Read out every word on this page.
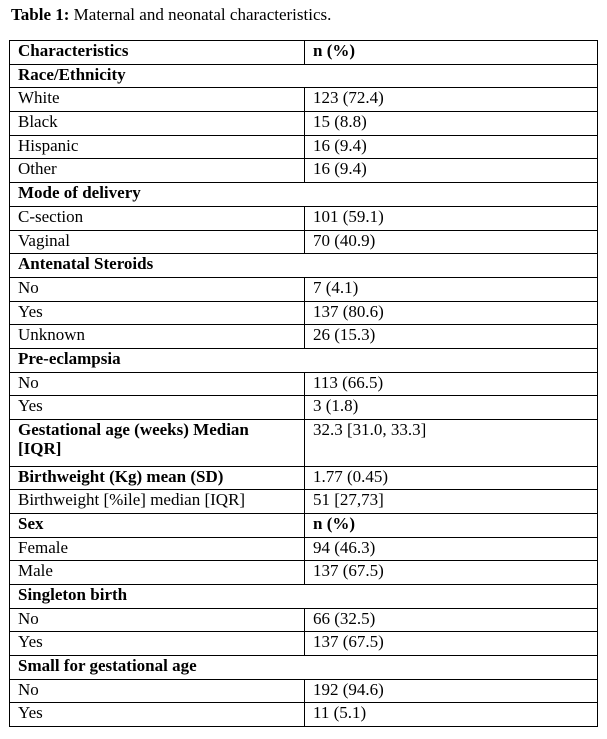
Table 1: Maternal and neonatal characteristics.
Characteristics	n (%)
Race/Ethnicity	
White	123 (72.4)
Black	15 (8.8)
Hispanic	16 (9.4)
Other	16 (9.4)
Mode of delivery	
C-section	101 (59.1)
Vaginal	70 (40.9)
Antenatal Steroids	
No	7 (4.1)
Yes	137 (80.6)
Unknown	26 (15.3)
Pre-eclampsia	
No	113 (66.5)
Yes	3 (1.8)
Gestational age (weeks) Median [IQR]	32.3 [31.0, 33.3]
Birthweight (Kg) mean (SD)	1.77 (0.45)
Birthweight [%ile] median [IQR]	51 [27,73]
Sex	n (%)
Female	94 (46.3)
Male	137 (67.5)
Singleton birth	
No	66 (32.5)
Yes	137 (67.5)
Small for gestational age	
No	192 (94.6)
Yes	11 (5.1)
